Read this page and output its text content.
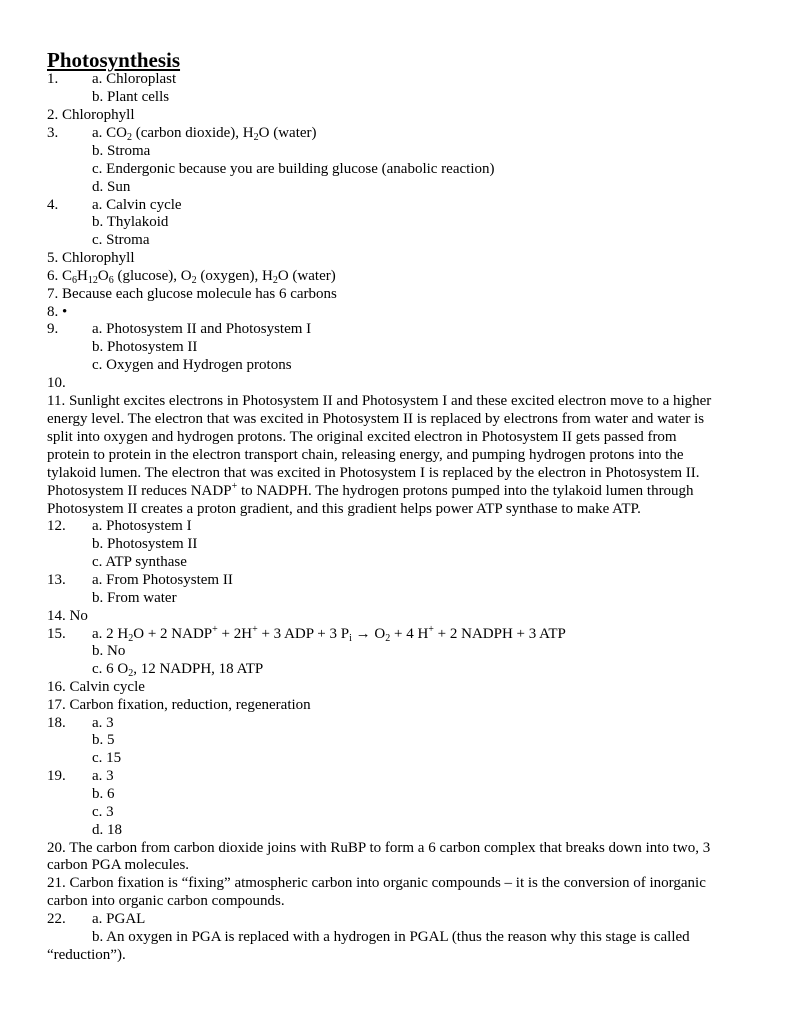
Photosynthesis
1. a. Chloroplast
b. Plant cells
2. Chlorophyll
3. a. $CO_2$ (carbon dioxide), $H_2O$ (water)
b. Stroma
c. Endergonic because you are building glucose (anabolic reaction)
d. Sun
4. a. Calvin cycle
b. Thylakoid
c. Stroma
5. Chlorophyll
6. $C_6H_{12}O_6$ (glucose), $O_2$ (oxygen), $H_2O$ (water)
7. Because each glucose molecule has 6 carbons
8. •
9. a. Photosystem II and Photosystem I
b. Photosystem II
c. Oxygen and Hydrogen protons
10.
11. Sunlight excites electrons in Photosystem II and Photosystem I and these excited electron move to a higher
energy level. The electron that was excited in Photosystem II is replaced by electrons from water and water is
split into oxygen and hydrogen protons. The original excited electron in Photosystem II gets passed from
protein to protein in the electron transport chain, releasing energy, and pumping hydrogen protons into the
tylakoid lumen. The electron that was excited in Photosystem I is replaced by the electron in Photosystem II.
Photosystem II reduces NADP+ to NADPH. The hydrogen protons pumped into the tylakoid lumen through
Photosystem II creates a proton gradient, and this gradient helps power ATP synthase to make ATP.
12. a. Photosystem I
b. Photosystem II
c. ATP synthase
13. a. From Photosystem II
b. From water
14. No
15. a. 2 $H_2O + 2$ NADP+ + 2H+ + 3 ADP + 3 $P_i \to O_2 + 4$ H+ + 2 NADPH + 3 ATP
b. No
c. 6 $O_2$, 12 NADPH, 18 ATP
16. Calvin cycle
17. Carbon fixation, reduction, regeneration
18. a. 3
b. 5
c. 15
19. a. 3
b. 6
c. 3
d. 18
20. The carbon from carbon dioxide joins with RuBP to form a 6 carbon complex that breaks down into two, 3
carbon PGA molecules.
21. Carbon fixation is “fixing” atmospheric carbon into organic compounds – it is the conversion of inorganic
carbon into organic carbon compounds.
22. a. PGAL
b. An oxygen in PGA is replaced with a hydrogen in PGAL (thus the reason why this stage is called
“reduction”).
